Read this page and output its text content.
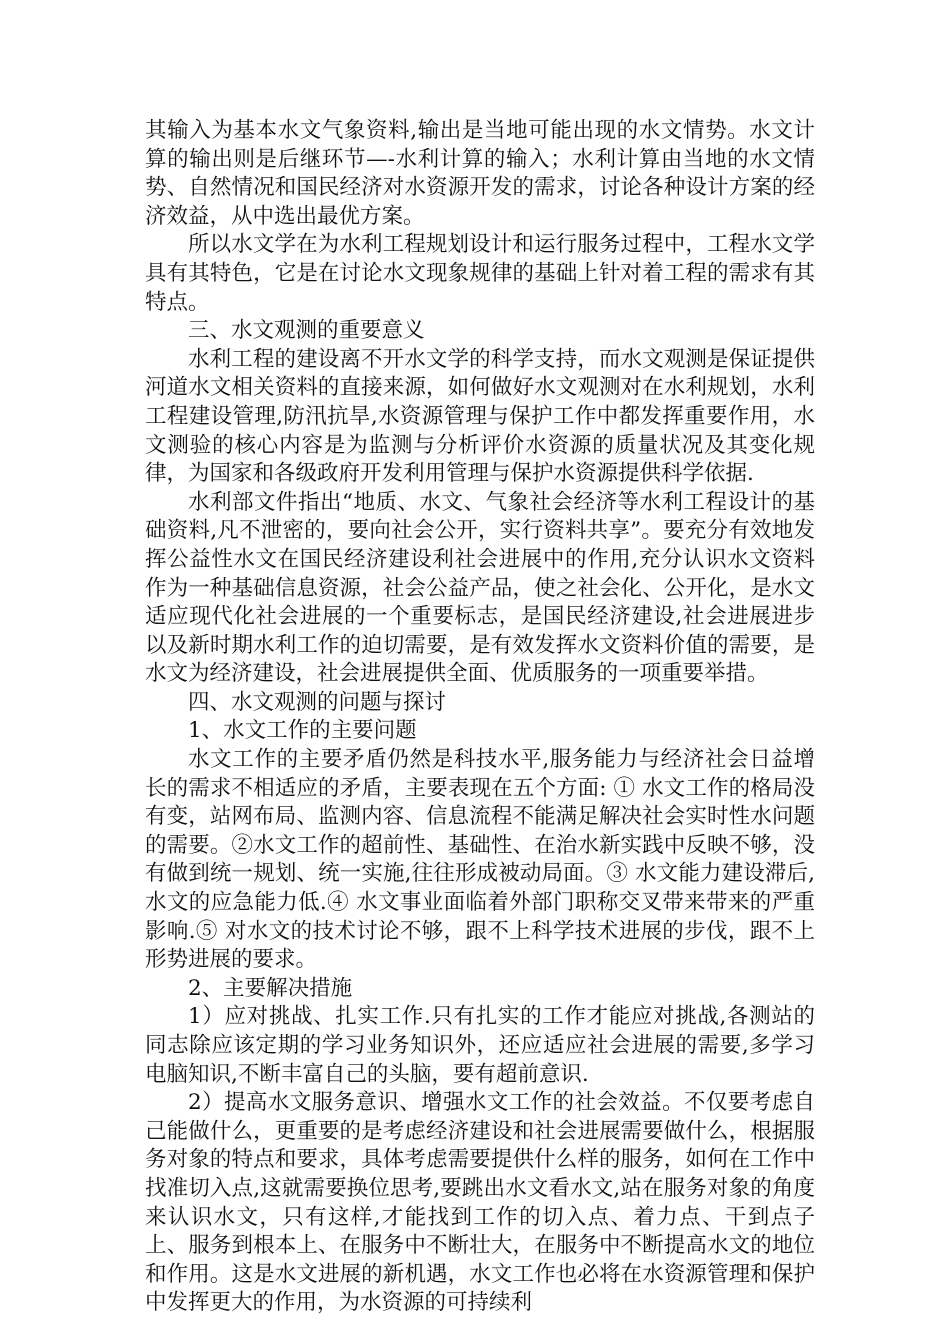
其输入为基本水文气象资料,输出是当地可能出现的水文情势。水文计算的输出则是后继环节—-水利计算的输入；水利计算由当地的水文情势、自然情况和国民经济对水资源开发的需求，讨论各种设计方案的经济效益，从中选出最优方案。

所以水文学在为水利工程规划设计和运行服务过程中，工程水文学具有其特色，它是在讨论水文现象规律的基础上针对着工程的需求有其特点。

三、水文观测的重要意义

水利工程的建设离不开水文学的科学支持，而水文观测是保证提供河道水文相关资料的直接来源，如何做好水文观测对在水利规划，水利工程建设管理,防汛抗旱,水资源管理与保护工作中都发挥重要作用，水文测验的核心内容是为监测与分析评价水资源的质量状况及其变化规律，为国家和各级政府开发利用管理与保护水资源提供科学依据.

水利部文件指出“地质、水文、气象社会经济等水利工程设计的基础资料,凡不泄密的，要向社会公开，实行资料共享”。要充分有效地发挥公益性水文在国民经济建设利社会进展中的作用,充分认识水文资料作为一种基础信息资源，社会公益产品，使之社会化、公开化，是水文适应现代化社会进展的一个重要标志，是国民经济建设,社会进展进步以及新时期水利工作的迫切需要，是有效发挥水文资料价值的需要，是水文为经济建设，社会进展提供全面、优质服务的一项重要举措。

四、水文观测的问题与探讨

1、水文工作的主要问题

水文工作的主要矛盾仍然是科技水平,服务能力与经济社会日益增长的需求不相适应的矛盾，主要表现在五个方面: ① 水文工作的格局没有变，站网布局、监测内容、信息流程不能满足解决社会实时性水问题的需要。②水文工作的超前性、基础性、在治水新实践中反映不够，没有做到统一规划、统一实施,往往形成被动局面。③ 水文能力建设滞后,水文的应急能力低.④ 水文事业面临着外部门职称交叉带来带来的严重影响.⑤ 对水文的技术讨论不够，跟不上科学技术进展的步伐，跟不上形势进展的要求。

2、主要解决措施

1）应对挑战、扎实工作.只有扎实的工作才能应对挑战,各测站的同志除应该定期的学习业务知识外，还应适应社会进展的需要,多学习电脑知识,不断丰富自己的头脑，要有超前意识.

2）提高水文服务意识、增强水文工作的社会效益。不仅要考虑自己能做什么，更重要的是考虑经济建设和社会进展需要做什么，根据服务对象的特点和要求，具体考虑需要提供什么样的服务，如何在工作中找准切入点,这就需要换位思考,要跳出水文看水文,站在服务对象的角度来认识水文，只有这样,才能找到工作的切入点、着力点、干到点子上、服务到根本上、在服务中不断壮大，在服务中不断提高水文的地位和作用。这是水文进展的新机遇，水文工作也必将在水资源管理和保护中发挥更大的作用，为水资源的可持续利
